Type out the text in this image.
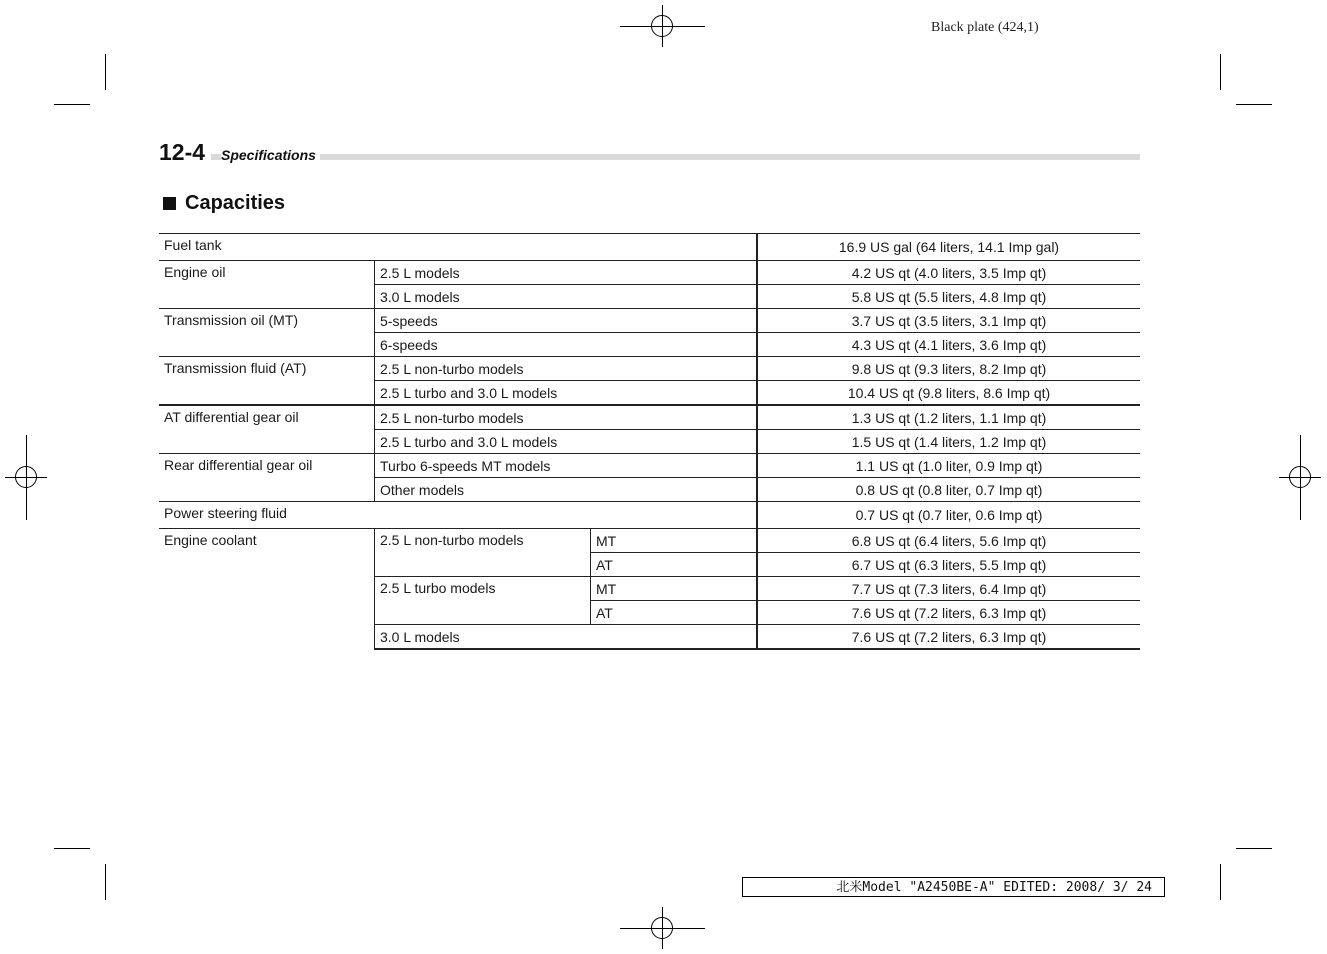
Black plate (424,1)
12-4	Specifications
Capacities
Fuel tank			16.9 US gal (64 liters, 14.1 Imp gal)
Engine oil	2.5 L models		4.2 US qt (4.0 liters, 3.5 Imp qt)
	3.0 L models		5.8 US qt (5.5 liters, 4.8 Imp qt)
Transmission oil (MT)	5-speeds		3.7 US qt (3.5 liters, 3.1 Imp qt)
	6-speeds		4.3 US qt (4.1 liters, 3.6 Imp qt)
Transmission fluid (AT)	2.5 L non-turbo models		9.8 US qt (9.3 liters, 8.2 Imp qt)
	2.5 L turbo and 3.0 L models		10.4 US qt (9.8 liters, 8.6 Imp qt)
AT differential gear oil	2.5 L non-turbo models		1.3 US qt (1.2 liters, 1.1 Imp qt)
	2.5 L turbo and 3.0 L models		1.5 US qt (1.4 liters, 1.2 Imp qt)
Rear differential gear oil	Turbo 6-speeds MT models		1.1 US qt (1.0 liter, 0.9 Imp qt)
	Other models		0.8 US qt (0.8 liter, 0.7 Imp qt)
Power steering fluid			0.7 US qt (0.7 liter, 0.6 Imp qt)
Engine coolant	2.5 L non-turbo models	MT	6.8 US qt (6.4 liters, 5.6 Imp qt)
		AT	6.7 US qt (6.3 liters, 5.5 Imp qt)
	2.5 L turbo models	MT	7.7 US qt (7.3 liters, 6.4 Imp qt)
		AT	7.6 US qt (7.2 liters, 6.3 Imp qt)
	3.0 L models		7.6 US qt (7.2 liters, 6.3 Imp qt)
北米Model "A2450BE-A" EDITED: 2008/ 3/ 24
